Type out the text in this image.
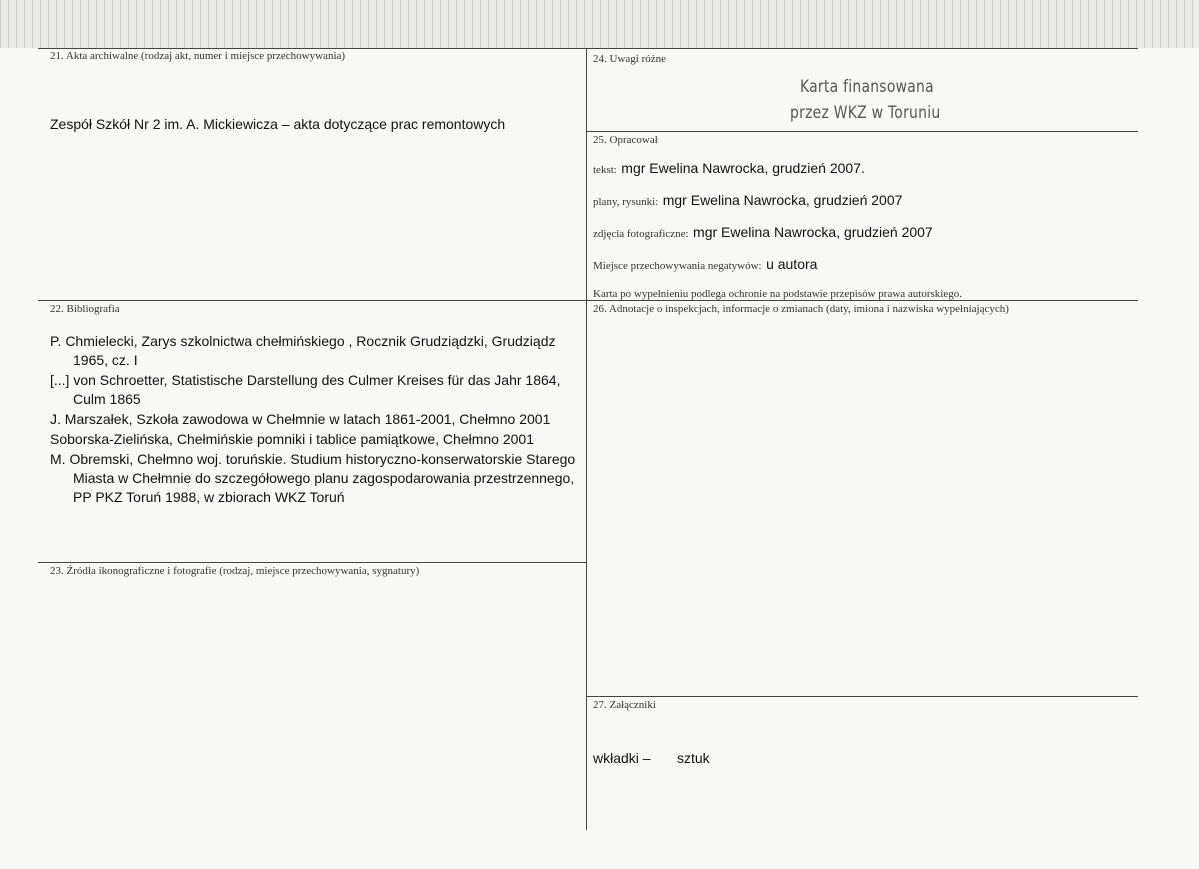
21. Akta archiwalne (rodzaj akt, numer i miejsce przechowywania)
Zespół Szkół Nr 2 im. A. Mickiewicza – akta dotyczące prac remontowych
22. Bibliografia
P. Chmielecki, Zarys szkolnictwa chełmińskiego , Rocznik Grudziądzki, Grudziądz 1965, cz. I
[...] von Schroetter, Statistische Darstellung des Culmer Kreises für das Jahr 1864, Culm 1865
J. Marszałek, Szkoła zawodowa w Chełmnie w latach 1861-2001, Chełmno 2001
Soborska-Zielińska, Chełmińskie pomniki i tablice pamiątkowe, Chełmno 2001
M. Obremski, Chełmno woj. toruńskie. Studium historyczno-konserwatorskie Starego Miasta w Chełmnie do szczegółowego planu zagospodarowania przestrzennego, PP PKZ Toruń 1988, w zbiorach WKZ Toruń
23. Źródła ikonograficzne i fotografie (rodzaj, miejsce przechowywania, sygnatury)
24. Uwagi różne
Karta finansowana
przez WKZ w Toruniu
25. Opracował
tekst: mgr Ewelina Nawrocka, grudzień 2007.
plany, rysunki: mgr Ewelina Nawrocka, grudzień 2007
zdjęcia fotograficzne: mgr Ewelina Nawrocka, grudzień 2007
Miejsce przechowywania negatywów: u autora
Karta po wypełnieniu podlega ochronie na podstawie przepisów prawa autorskiego.
26. Adnotacje o inspekcjach, informacje o zmianach (daty, imiona i nazwiska wypełniających)
27. Załączniki
wkładki – sztuk
